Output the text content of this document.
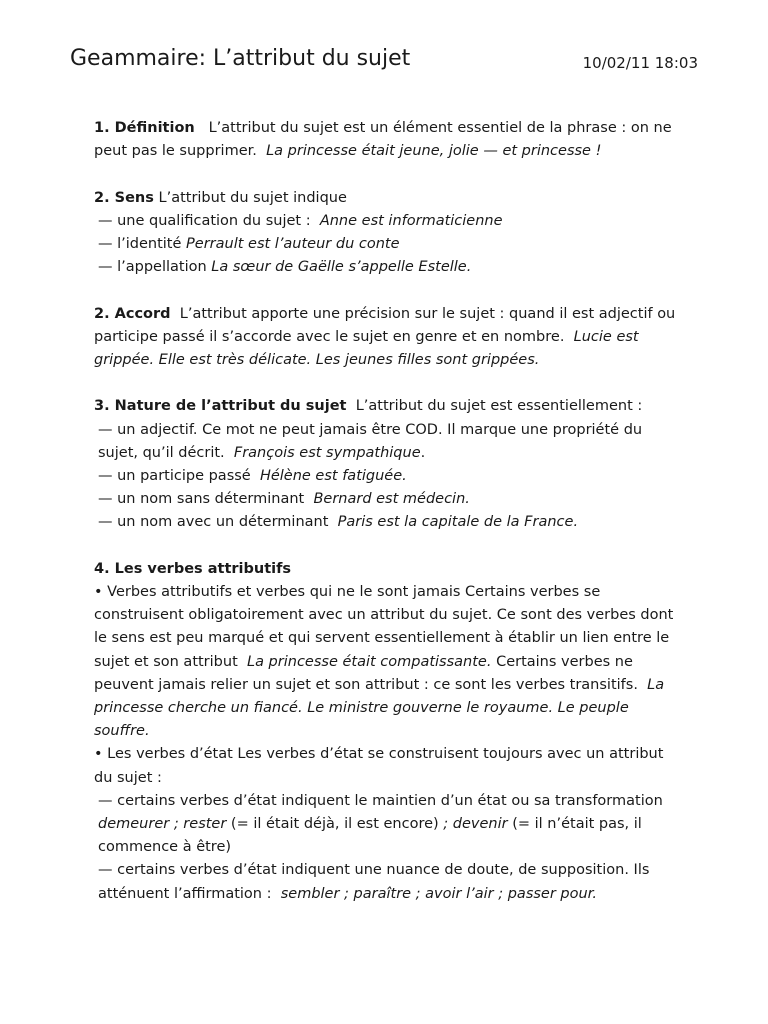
Geammaire: L’attribut du sujet	10/02/11 18:03

1. Définition L’attribut du sujet est un élément essentiel de la phrase : on ne peut pas le supprimer. La princesse était jeune, jolie — et princesse !

2. Sens L’attribut du sujet indique

— une qualification du sujet : Anne est informaticienne
— l’identité Perrault est l’auteur du conte
— l’appellation La sœur de Gaëlle s’appelle Estelle.

2. Accord L’attribut apporte une précision sur le sujet : quand il est adjectif ou participe passé il s’accorde avec le sujet en genre et en nombre. Lucie est grippée. Elle est très délicate. Les jeunes filles sont grippées.

3. Nature de l’attribut du sujet L’attribut du sujet est essentiellement :

— un adjectif. Ce mot ne peut jamais être COD. Il marque une propriété du sujet, qu’il décrit. François est sympathique.
— un participe passé Hélène est fatiguée.
— un nom sans déterminant Bernard est médecin.
— un nom avec un déterminant Paris est la capitale de la France.

4. Les verbes attributifs

• Verbes attributifs et verbes qui ne le sont jamais Certains verbes se construisent obligatoirement avec un attribut du sujet. Ce sont des verbes dont le sens est peu marqué et qui servent essentiellement à établir un lien entre le sujet et son attribut La princesse était compatissante. Certains verbes ne peuvent jamais relier un sujet et son attribut : ce sont les verbes transitifs. La princesse cherche un fiancé. Le ministre gouverne le royaume. Le peuple souffre.

• Les verbes d’état Les verbes d’état se construisent toujours avec un attribut du sujet :

— certains verbes d’état indiquent le maintien d’un état ou sa transformation  demeurer ; rester (= il était déjà, il est encore) ; devenir (= il n’était pas, il commence à être)

— certains verbes d’état indiquent une nuance de doute, de supposition. Ils atténuent l’affirmation : sembler ; paraître ; avoir l’air ; passer pour.
